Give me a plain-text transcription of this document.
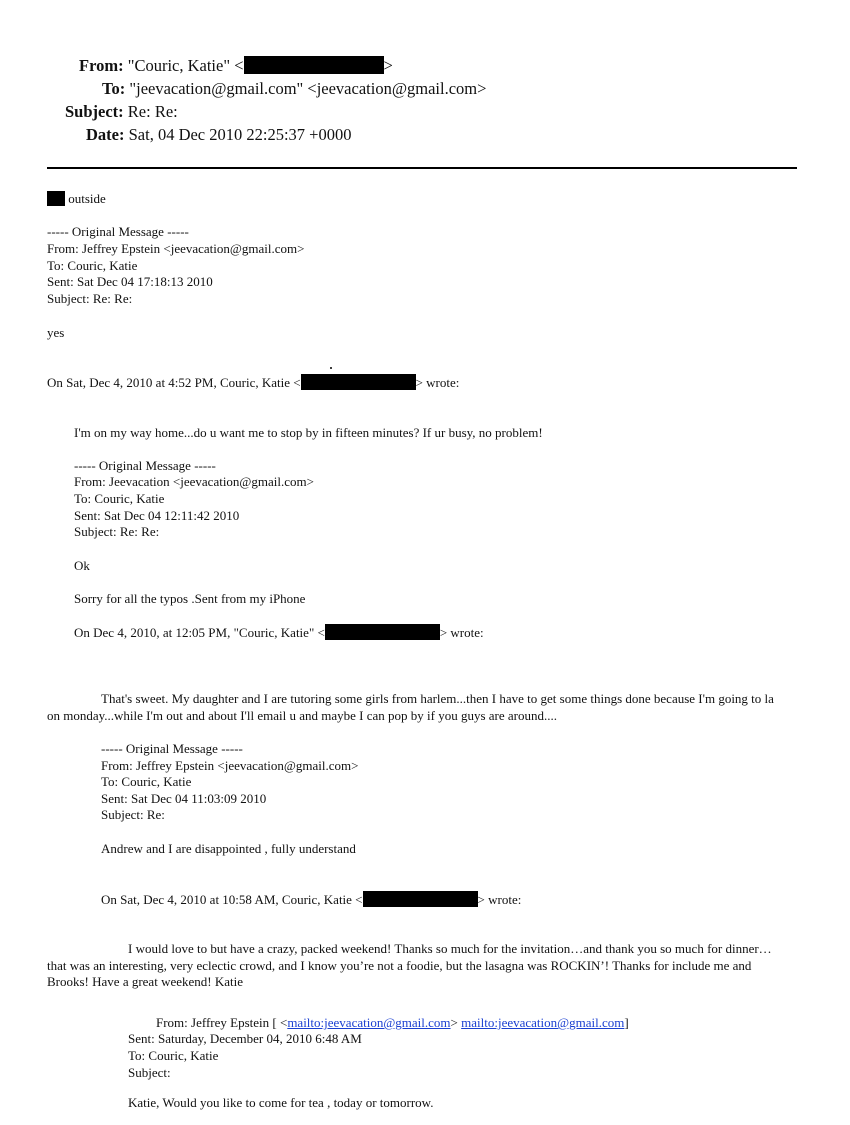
From: "Couric, Katie" <	>
To: "jeevacation@gmail.com" <jeevacation@gmail.com>
Subject: Re: Re:
Date: Sat, 04 Dec 2010 22:25:37 +0000
outside
----- Original Message -----
From: Jeffrey Epstein <jeevacation@gmail.com>
To: Couric, Katie
Sent: Sat Dec 04 17:18:13 2010
Subject: Re: Re:
yes
On Sat, Dec 4, 2010 at 4:52 PM, Couric, Katie <	> wrote:
I'm on my way home...do u want me to stop by in fifteen minutes? If ur busy, no problem!
----- Original Message -----
From: Jeevacation <jeevacation@gmail.com>
To: Couric, Katie
Sent: Sat Dec 04 12:11:42 2010
Subject: Re: Re:
Ok
Sorry for all the typos .Sent from my iPhone
On Dec 4, 2010, at 12:05 PM, "Couric, Katie" <	> wrote:
That's sweet. My daughter and I are tutoring some girls from harlem...then I have to get some things done because I'm going to la
on monday...while I'm out and about I'll email u and maybe I can pop by if you guys are around....
----- Original Message -----
From: Jeffrey Epstein <jeevacation@gmail.com>
To: Couric, Katie
Sent: Sat Dec 04 11:03:09 2010
Subject: Re:
Andrew and I are disappointed , fully understand
On Sat, Dec 4, 2010 at 10:58 AM, Couric, Katie <	> wrote:
I would love to but have a crazy, packed weekend! Thanks so much for the invitation…and thank you so much for dinner…
that was an interesting, very eclectic crowd, and I know you’re not a foodie, but the lasagna was ROCKIN’! Thanks for include me and
Brooks! Have a great weekend! Katie
From: Jeffrey Epstein [ <mailto:jeevacation@gmail.com> mailto:jeevacation@gmail.com]
Sent: Saturday, December 04, 2010 6:48 AM
To: Couric, Katie
Subject:
Katie, Would you like to come for tea , today or tomorrow.
